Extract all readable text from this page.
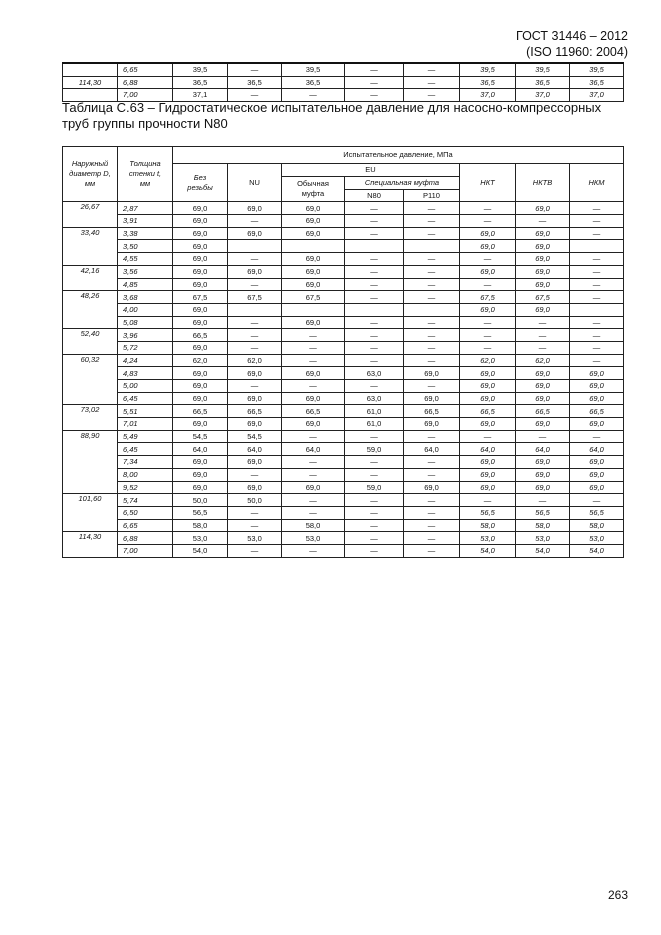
ГОСТ 31446 – 2012
(ISO 11960: 2004)
	6,65	39,5	—	39,5	—	—	39,5	39,5	39,5
114,30	6,88	36,5	36,5	36,5	—	—	36,5	36,5	36,5
	7,00	37,1	—	—	—	—	37,0	37,0	37,0
Таблица С.63 – Гидростатическое испытательное давление для насосно-компрессорных труб группы прочности N80
Наружный диаметр D, мм	Толщина стенки t, мм	Испытательное давление, МПа							
		Без резьбы	NU	EU			НКТ	НКТВ	НКМ
				Обычная муфта	Специальная муфта				
					N80	P110			
26,67	2,87	69,0	69,0	69,0	—	—	—	69,0	—
	3,91	69,0	—	69,0	—	—	—	—	—
33,40	3,38	69,0	69,0	69,0	—	—	69,0	69,0	—
	3,50	69,0					69,0	69,0	
	4,55	69,0	—	69,0	—	—	—	69,0	—
42,16	3,56	69,0	69,0	69,0	—	—	69,0	69,0	—
	4,85	69,0	—	69,0	—	—	—	69,0	—
48,26	3,68	67,5	67,5	67,5	—	—	67,5	67,5	—
	4,00	69,0					69,0	69,0	
	5,08	69,0	—	69,0	—	—	—	—	—
52,40	3,96	66,5	—	—	—	—	—	—	—
	5,72	69,0	—	—	—	—	—	—	—
60,32	4,24	62,0	62,0	—	—	—	62,0	62,0	—
	4,83	69,0	69,0	69,0	63,0	69,0	69,0	69,0	69,0
	5,00	69,0	—	—	—	—	69,0	69,0	69,0
	6,45	69,0	69,0	69,0	63,0	69,0	69,0	69,0	69,0
73,02	5,51	66,5	66,5	66,5	61,0	66,5	66,5	66,5	66,5
	7,01	69,0	69,0	69,0	61,0	69,0	69,0	69,0	69,0
88,90	5,49	54,5	54,5	—	—	—	—	—	—
	6,45	64,0	64,0	64,0	59,0	64,0	64,0	64,0	64,0
	7,34	69,0	69,0	—	—	—	69,0	69,0	69,0
	8,00	69,0	—	—	—	—	69,0	69,0	69,0
	9,52	69,0	69,0	69,0	59,0	69,0	69,0	69,0	69,0
101,60	5,74	50,0	50,0	—	—	—	—	—	—
	6,50	56,5	—	—	—	—	56,5	56,5	56,5
	6,65	58,0	—	58,0	—	—	58,0	58,0	58,0
114,30	6,88	53,0	53,0	53,0	—	—	53,0	53,0	53,0
	7,00	54,0	—	—	—	—	54,0	54,0	54,0
263
